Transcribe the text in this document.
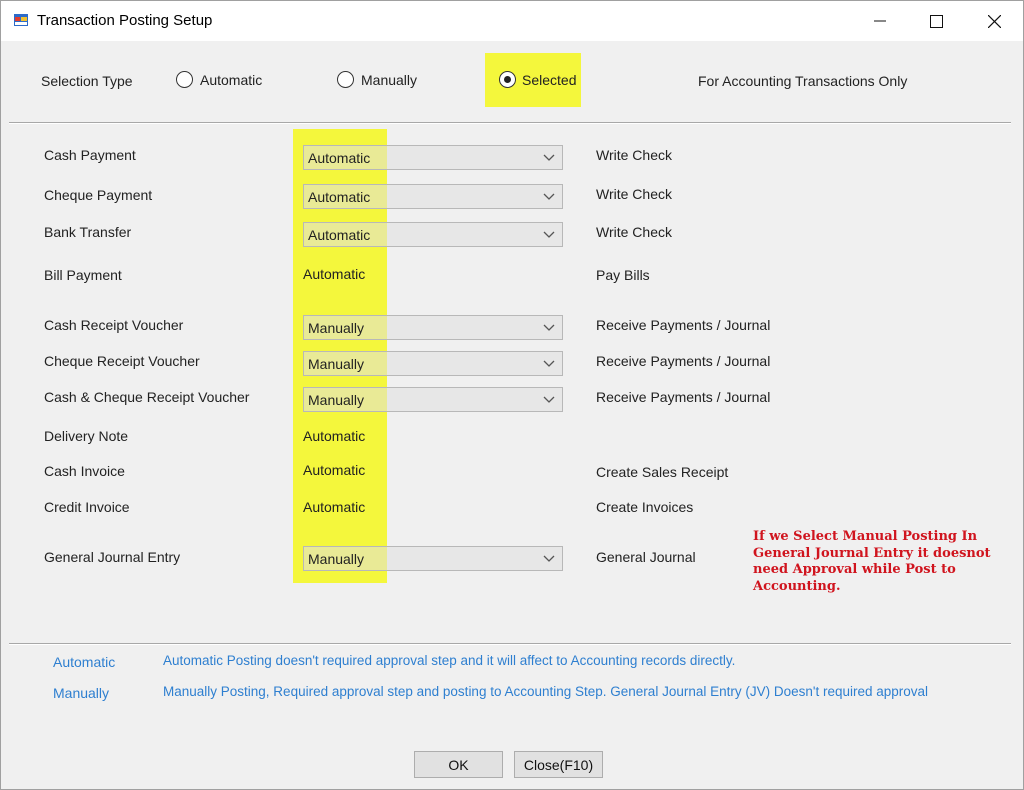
Transaction Posting Setup
Selection Type	Automatic	Manually	Selected	For Accounting Transactions Only
Cash Payment	Automatic	Write Check
Cheque Payment	Automatic	Write Check
Bank Transfer	Automatic	Write Check
Bill Payment	Automatic	Pay Bills
Cash Receipt Voucher	Manually	Receive Payments / Journal
Cheque Receipt Voucher	Manually	Receive Payments / Journal
Cash & Cheque Receipt Voucher	Manually	Receive Payments / Journal
Delivery Note	Automatic
Cash Invoice	Automatic	Create Sales Receipt
Credit Invoice	Automatic	Create Invoices
General Journal Entry	Manually	General Journal
If we Select Manual Posting In
General Journal Entry it doesnot
need Approval while Post to
Accounting.
Automatic	Automatic Posting doesn't required approval step and it will affect to Accounting records directly.
Manually	Manually Posting, Required approval step and posting to Accounting Step. General Journal Entry (JV) Doesn't required approval
OK	Close(F10)
